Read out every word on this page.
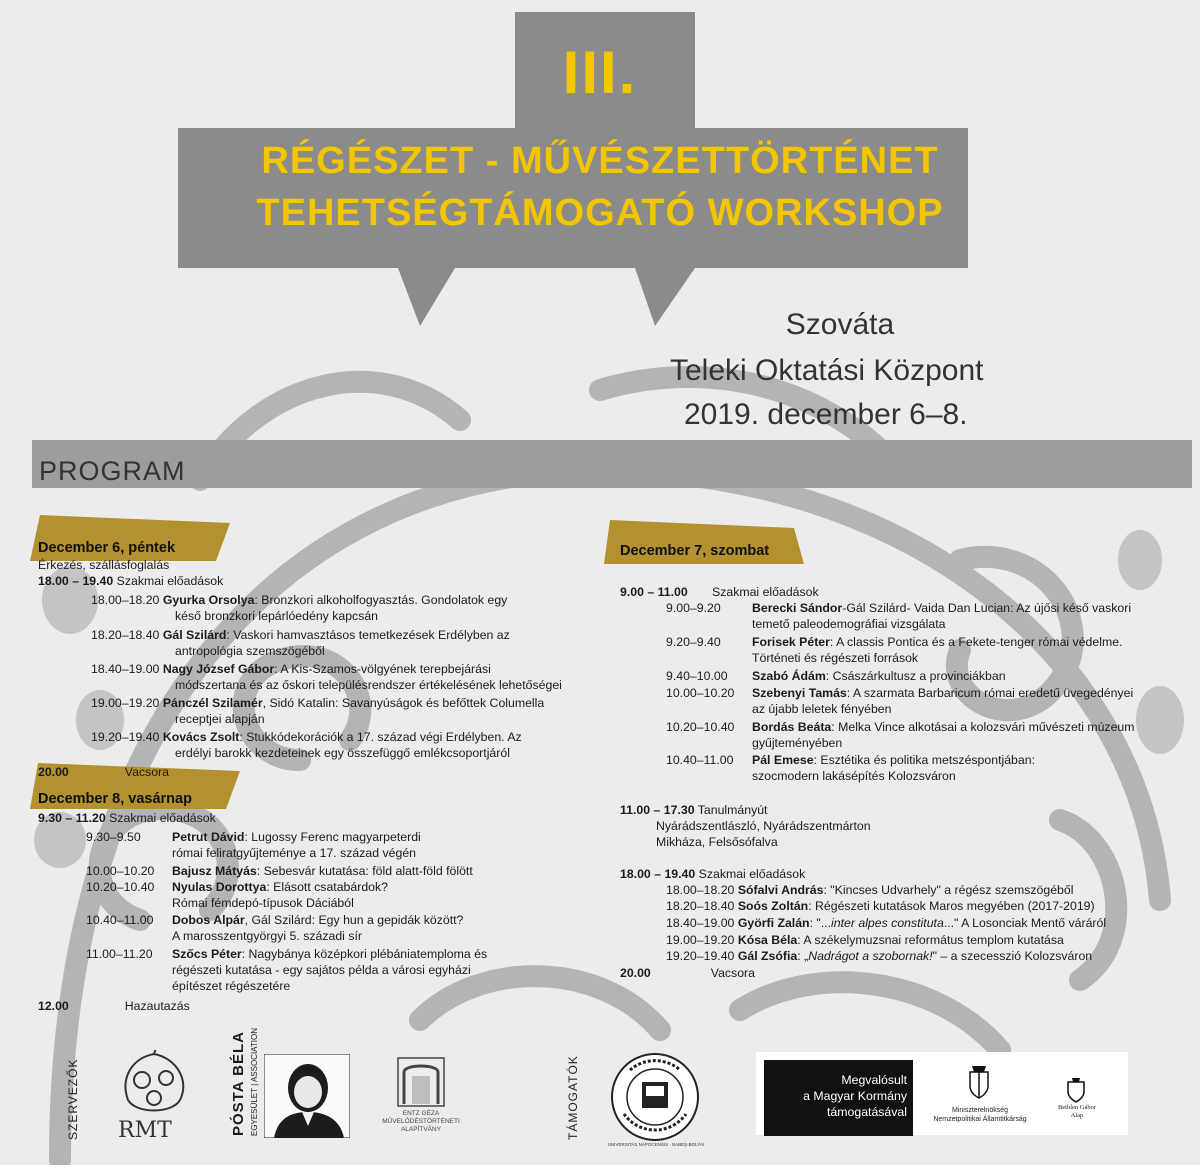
III.
RÉGÉSZET - MŰVÉSZETTÖRTÉNET
TEHETSÉGTÁMOGATÓ WORKSHOP
Szováta
Teleki Oktatási Központ
2019. december 6–8.
PROGRAM
December 6, péntek	December 7, szombat
December 8, vasárnap
Érkezés, szállásfoglalás
18.00 – 19.40 Szakmai előadások
18.00–18.20 Gyurka Orsolya: Bronzkori alkoholfogyasztás. Gondolatok egy
késő bronzkori lepárlóedény kapcsán
18.20–18.40 Gál Szilárd: Vaskori hamvasztásos temetkezések Erdélyben az
antropológia szemszögéből
18.40–19.00 Nagy József Gábor: A Kis-Szamos-völgyének terepbejárási
módszertana és az őskori településrendszer értékelésének lehetőségei
19.00–19.20 Pánczél Szilamér, Sidó Katalin: Savanyúságok és befőttek Columella
receptjei alapján
19.20–19.40 Kovács Zsolt: Stukkódekorációk a 17. század végi Erdélyben. Az
erdélyi barokk kezdeteinek egy összefüggő emlékcsoportjáról
20.00	Vacsora
9.30 – 11.20 Szakmai előadások
9.30–9.50	Petrut Dávid: Lugossy Ferenc magyarpeterdi
római feliratgyűjteménye a 17. század végén
10.00–10.20 Bajusz Mátyás: Sebesvár kutatása: föld alatt-föld fölött
10.20–10.40 Nyulas Dorottya: Elásott csatabárdok?
Római fémdepó-típusok Dáciából
10.40–11.00 Dobos Alpár, Gál Szilárd: Egy hun a gepidák között?
A marosszentgyörgyi 5. századi sír
11.00–11.20 Szőcs Péter: Nagybánya középkori plébániatemploma és
régészeti kutatása - egy sajátos példa a városi egyházi
építészet régészetére
12.00	Hazautazás
9.00 – 11.00 Szakmai előadások
9.00–9.20	Berecki Sándor-Gál Szilárd- Vaida Dan Lucian: Az újősi késő vaskori
temető paleodemográfiai vizsgálata
9.20–9.40	Forisek Péter: A classis Pontica és a Fekete-tenger római védelme.
Történeti és régészeti források
9.40–10.00 Szabó Ádám: Császárkultusz a provinciákban
10.00–10.20 Szebenyi Tamás: A szarmata Barbaricum római eredetű üvegedényei
az újabb leletek fényében
10.20–10.40 Bordás Beáta: Melka Vince alkotásai a kolozsvári művészeti múzeum
gyűjteményében
10.40–11.00 Pál Emese: Esztétika és politika metszéspontjában:
szocmodern lakásépítés Kolozsváron
11.00 – 17.30 Tanulmányút
Nyárádszentlászló, Nyárádszentmárton
Mikháza, Felsősófalva
18.00 – 19.40 Szakmai előadások
18.00–18.20 Sófalvi András: "Kincses Udvarhely" a régész szemszögéből
18.20–18.40 Soós Zoltán: Régészeti kutatások Maros megyében (2017-2019)
18.40–19.00 Györfi Zalán: "...inter alpes constituta..." A Losonciak Mentő váráról
19.00–19.20 Kósa Béla: A székelymuzsnai református templom kutatása
19.20–19.40 Gál Zsófia: „Nadrágot a szobornak!" – a szecesszió Kolozsváron
20.00	Vacsora
SZERVEZŐK RMT	PÓSTA BÉLA EGYESÜLET | ASSOCIATION	ENTZ GÉZA
MŰVELŐDÉSTÖRTÉNETI
ALAPÍTVÁNY	TÁMOGATÓK
UNIVERSITAS NAPOCENSIS · BABEŞ-BOLYAI
Megvalósult
a Magyar Kormány
támogatásával	Miniszterelnökség
Nemzetpolitikai Államtitkárság
Bethlen Gábor
Alap
